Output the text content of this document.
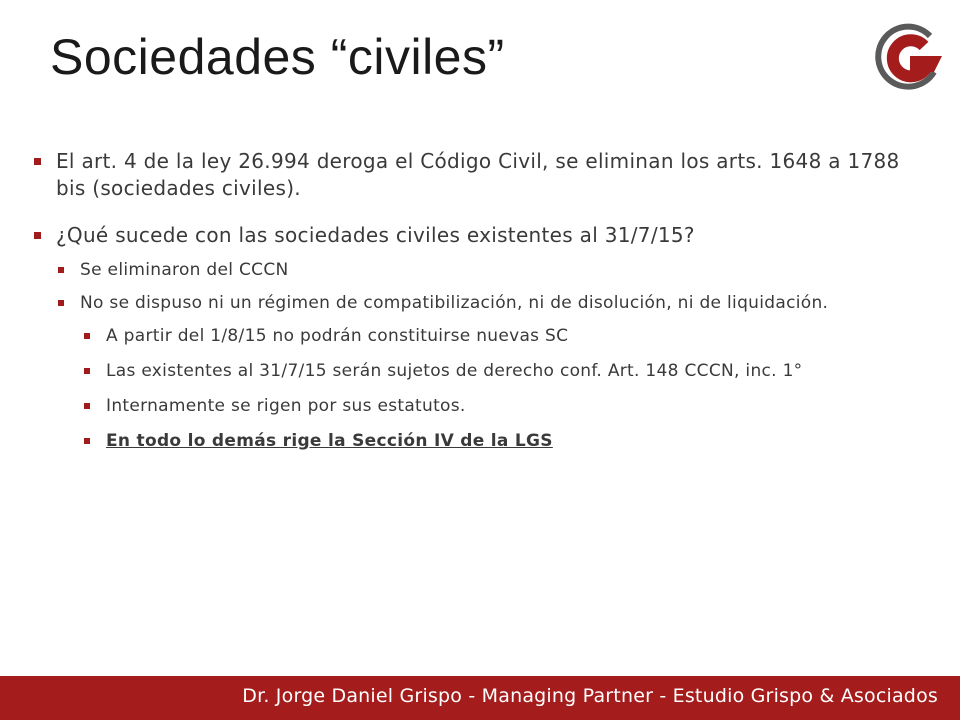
Sociedades “civiles”
El art. 4 de la ley 26.994 deroga el Código Civil, se eliminan los arts. 1648 a 1788 bis (sociedades civiles).
¿Qué sucede con las sociedades civiles existentes al 31/7/15?
Se eliminaron del CCCN
No se dispuso ni un régimen de compatibilización, ni de disolución, ni de liquidación.
A partir del 1/8/15 no podrán constituirse nuevas SC
Las existentes al 31/7/15 serán sujetos de derecho conf. Art. 148 CCCN, inc. 1°
Internamente se rigen por sus estatutos.
En todo lo demás rige la Sección IV de la LGS
Dr. Jorge Daniel Grispo - Managing Partner - Estudio Grispo & Asociados
